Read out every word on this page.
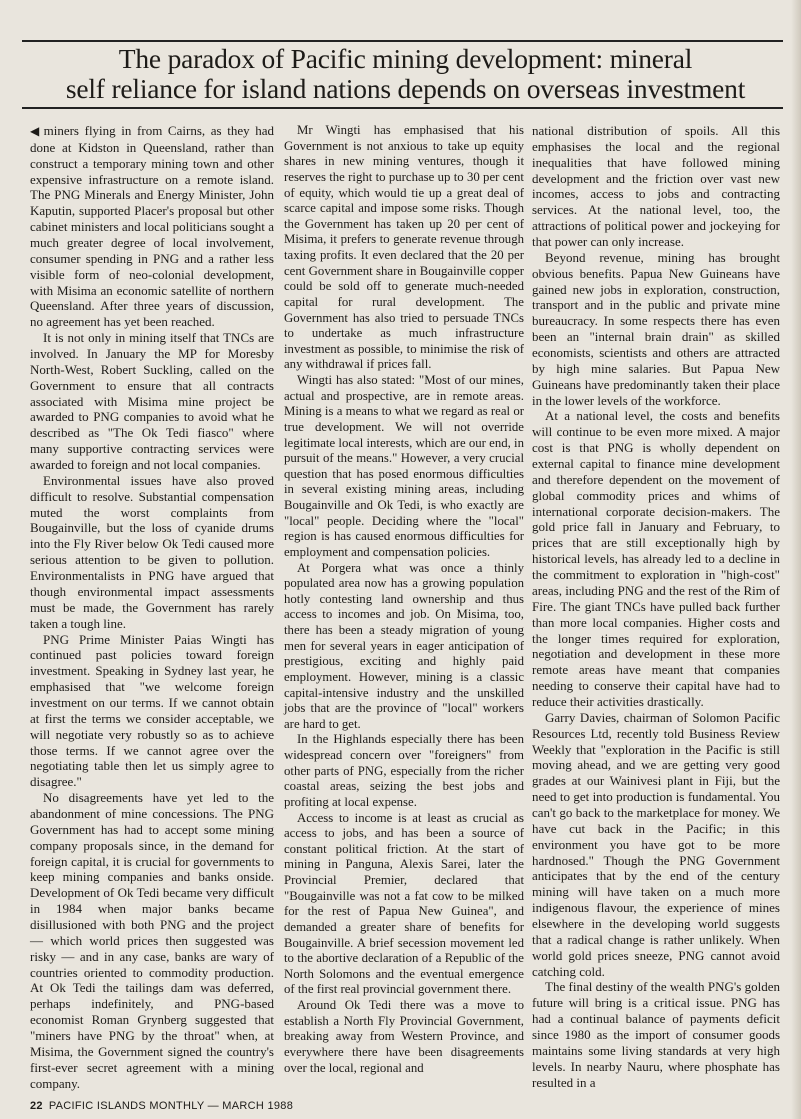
The paradox of Pacific mining development: mineral
self reliance for island nations depends on overseas investment

◀ miners flying in from Cairns, as they had done at Kidston in Queensland, rather than construct a temporary mining town and other expensive infrastructure on a remote island. The PNG Minerals and Energy Minister, John Kaputin, supported Placer's proposal but other cabinet ministers and local politicians sought a much greater degree of local involvement, consumer spending in PNG and a rather less visible form of neo-colonial development, with Misima an economic satellite of northern Queensland. After three years of discussion, no agreement has yet been reached.

It is not only in mining itself that TNCs are involved. In January the MP for Moresby North-West, Robert Suckling, called on the Government to ensure that all contracts associated with Misima mine project be awarded to PNG companies to avoid what he described as "The Ok Tedi fiasco" where many supportive contracting services were awarded to foreign and not local companies.

Environmental issues have also proved difficult to resolve. Substantial compensation muted the worst complaints from Bougainville, but the loss of cyanide drums into the Fly River below Ok Tedi caused more serious attention to be given to pollution. Environmentalists in PNG have argued that though environmental impact assessments must be made, the Government has rarely taken a tough line.

PNG Prime Minister Paias Wingti has continued past policies toward foreign investment. Speaking in Sydney last year, he emphasised that "we welcome foreign investment on our terms. If we cannot obtain at first the terms we consider acceptable, we will negotiate very robustly so as to achieve those terms. If we cannot agree over the negotiating table then let us simply agree to disagree."

No disagreements have yet led to the abandonment of mine concessions. The PNG Government has had to accept some mining company proposals since, in the demand for foreign capital, it is crucial for governments to keep mining companies and banks onside. Development of Ok Tedi became very difficult in 1984 when major banks became disillusioned with both PNG and the project — which world prices then suggested was risky — and in any case, banks are wary of countries oriented to commodity production. At Ok Tedi the tailings dam was deferred, perhaps indefinitely, and PNG-based economist Roman Grynberg suggested that "miners have PNG by the throat" when, at Misima, the Government signed the country's first-ever secret agreement with a mining company.

Mr Wingti has emphasised that his Government is not anxious to take up equity shares in new mining ventures, though it reserves the right to purchase up to 30 per cent of equity, which would tie up a great deal of scarce capital and impose some risks. Though the Government has taken up 20 per cent of Misima, it prefers to generate revenue through taxing profits. It even declared that the 20 per cent Government share in Bougainville copper could be sold off to generate much-needed capital for rural development. The Government has also tried to persuade TNCs to undertake as much infrastructure investment as possible, to minimise the risk of any withdrawal if prices fall.

Wingti has also stated: "Most of our mines, actual and prospective, are in remote areas. Mining is a means to what we regard as real or true development. We will not override legitimate local interests, which are our end, in pursuit of the means." However, a very crucial question that has posed enormous difficulties in several existing mining areas, including Bougainville and Ok Tedi, is who exactly are "local" people. Deciding where the "local" region is has caused enormous difficulties for employment and compensation policies.

At Porgera what was once a thinly populated area now has a growing population hotly contesting land ownership and thus access to incomes and job. On Misima, too, there has been a steady migration of young men for several years in eager anticipation of prestigious, exciting and highly paid employment. However, mining is a classic capital-intensive industry and the unskilled jobs that are the province of "local" workers are hard to get.

In the Highlands especially there has been widespread concern over "foreigners" from other parts of PNG, especially from the richer coastal areas, seizing the best jobs and profiting at local expense.

Access to income is at least as crucial as access to jobs, and has been a source of constant political friction. At the start of mining in Panguna, Alexis Sarei, later the Provincial Premier, declared that "Bougainville was not a fat cow to be milked for the rest of Papua New Guinea", and demanded a greater share of benefits for Bougainville. A brief secession movement led to the abortive declaration of a Republic of the North Solomons and the eventual emergence of the first real provincial government there.

Around Ok Tedi there was a move to establish a North Fly Provincial Government, breaking away from Western Province, and everywhere there have been disagreements over the local, regional and

national distribution of spoils. All this emphasises the local and the regional inequalities that have followed mining development and the friction over vast new incomes, access to jobs and contracting services. At the national level, too, the attractions of political power and jockeying for that power can only increase.

Beyond revenue, mining has brought obvious benefits. Papua New Guineans have gained new jobs in exploration, construction, transport and in the public and private mine bureaucracy. In some respects there has even been an "internal brain drain" as skilled economists, scientists and others are attracted by high mine salaries. But Papua New Guineans have predominantly taken their place in the lower levels of the workforce.

At a national level, the costs and benefits will continue to be even more mixed. A major cost is that PNG is wholly dependent on external capital to finance mine development and therefore dependent on the movement of global commodity prices and whims of international corporate decision-makers. The gold price fall in January and February, to prices that are still exceptionally high by historical levels, has already led to a decline in the commitment to exploration in "high-cost" areas, including PNG and the rest of the Rim of Fire. The giant TNCs have pulled back further than more local companies. Higher costs and the longer times required for exploration, negotiation and development in these more remote areas have meant that companies needing to conserve their capital have had to reduce their activities drastically.

Garry Davies, chairman of Solomon Pacific Resources Ltd, recently told Business Review Weekly that "exploration in the Pacific is still moving ahead, and we are getting very good grades at our Wainivesi plant in Fiji, but the need to get into production is fundamental. You can't go back to the marketplace for money. We have cut back in the Pacific; in this environment you have got to be more hardnosed." Though the PNG Government anticipates that by the end of the century mining will have taken on a much more indigenous flavour, the experience of mines elsewhere in the developing world suggests that a radical change is rather unlikely. When world gold prices sneeze, PNG cannot avoid catching cold.

The final destiny of the wealth PNG's golden future will bring is a critical issue. PNG has had a continual balance of payments deficit since 1980 as the import of consumer goods maintains some living standards at very high levels. In nearby Nauru, where phosphate has resulted in a

22 PACIFIC ISLANDS MONTHLY — MARCH 1988
